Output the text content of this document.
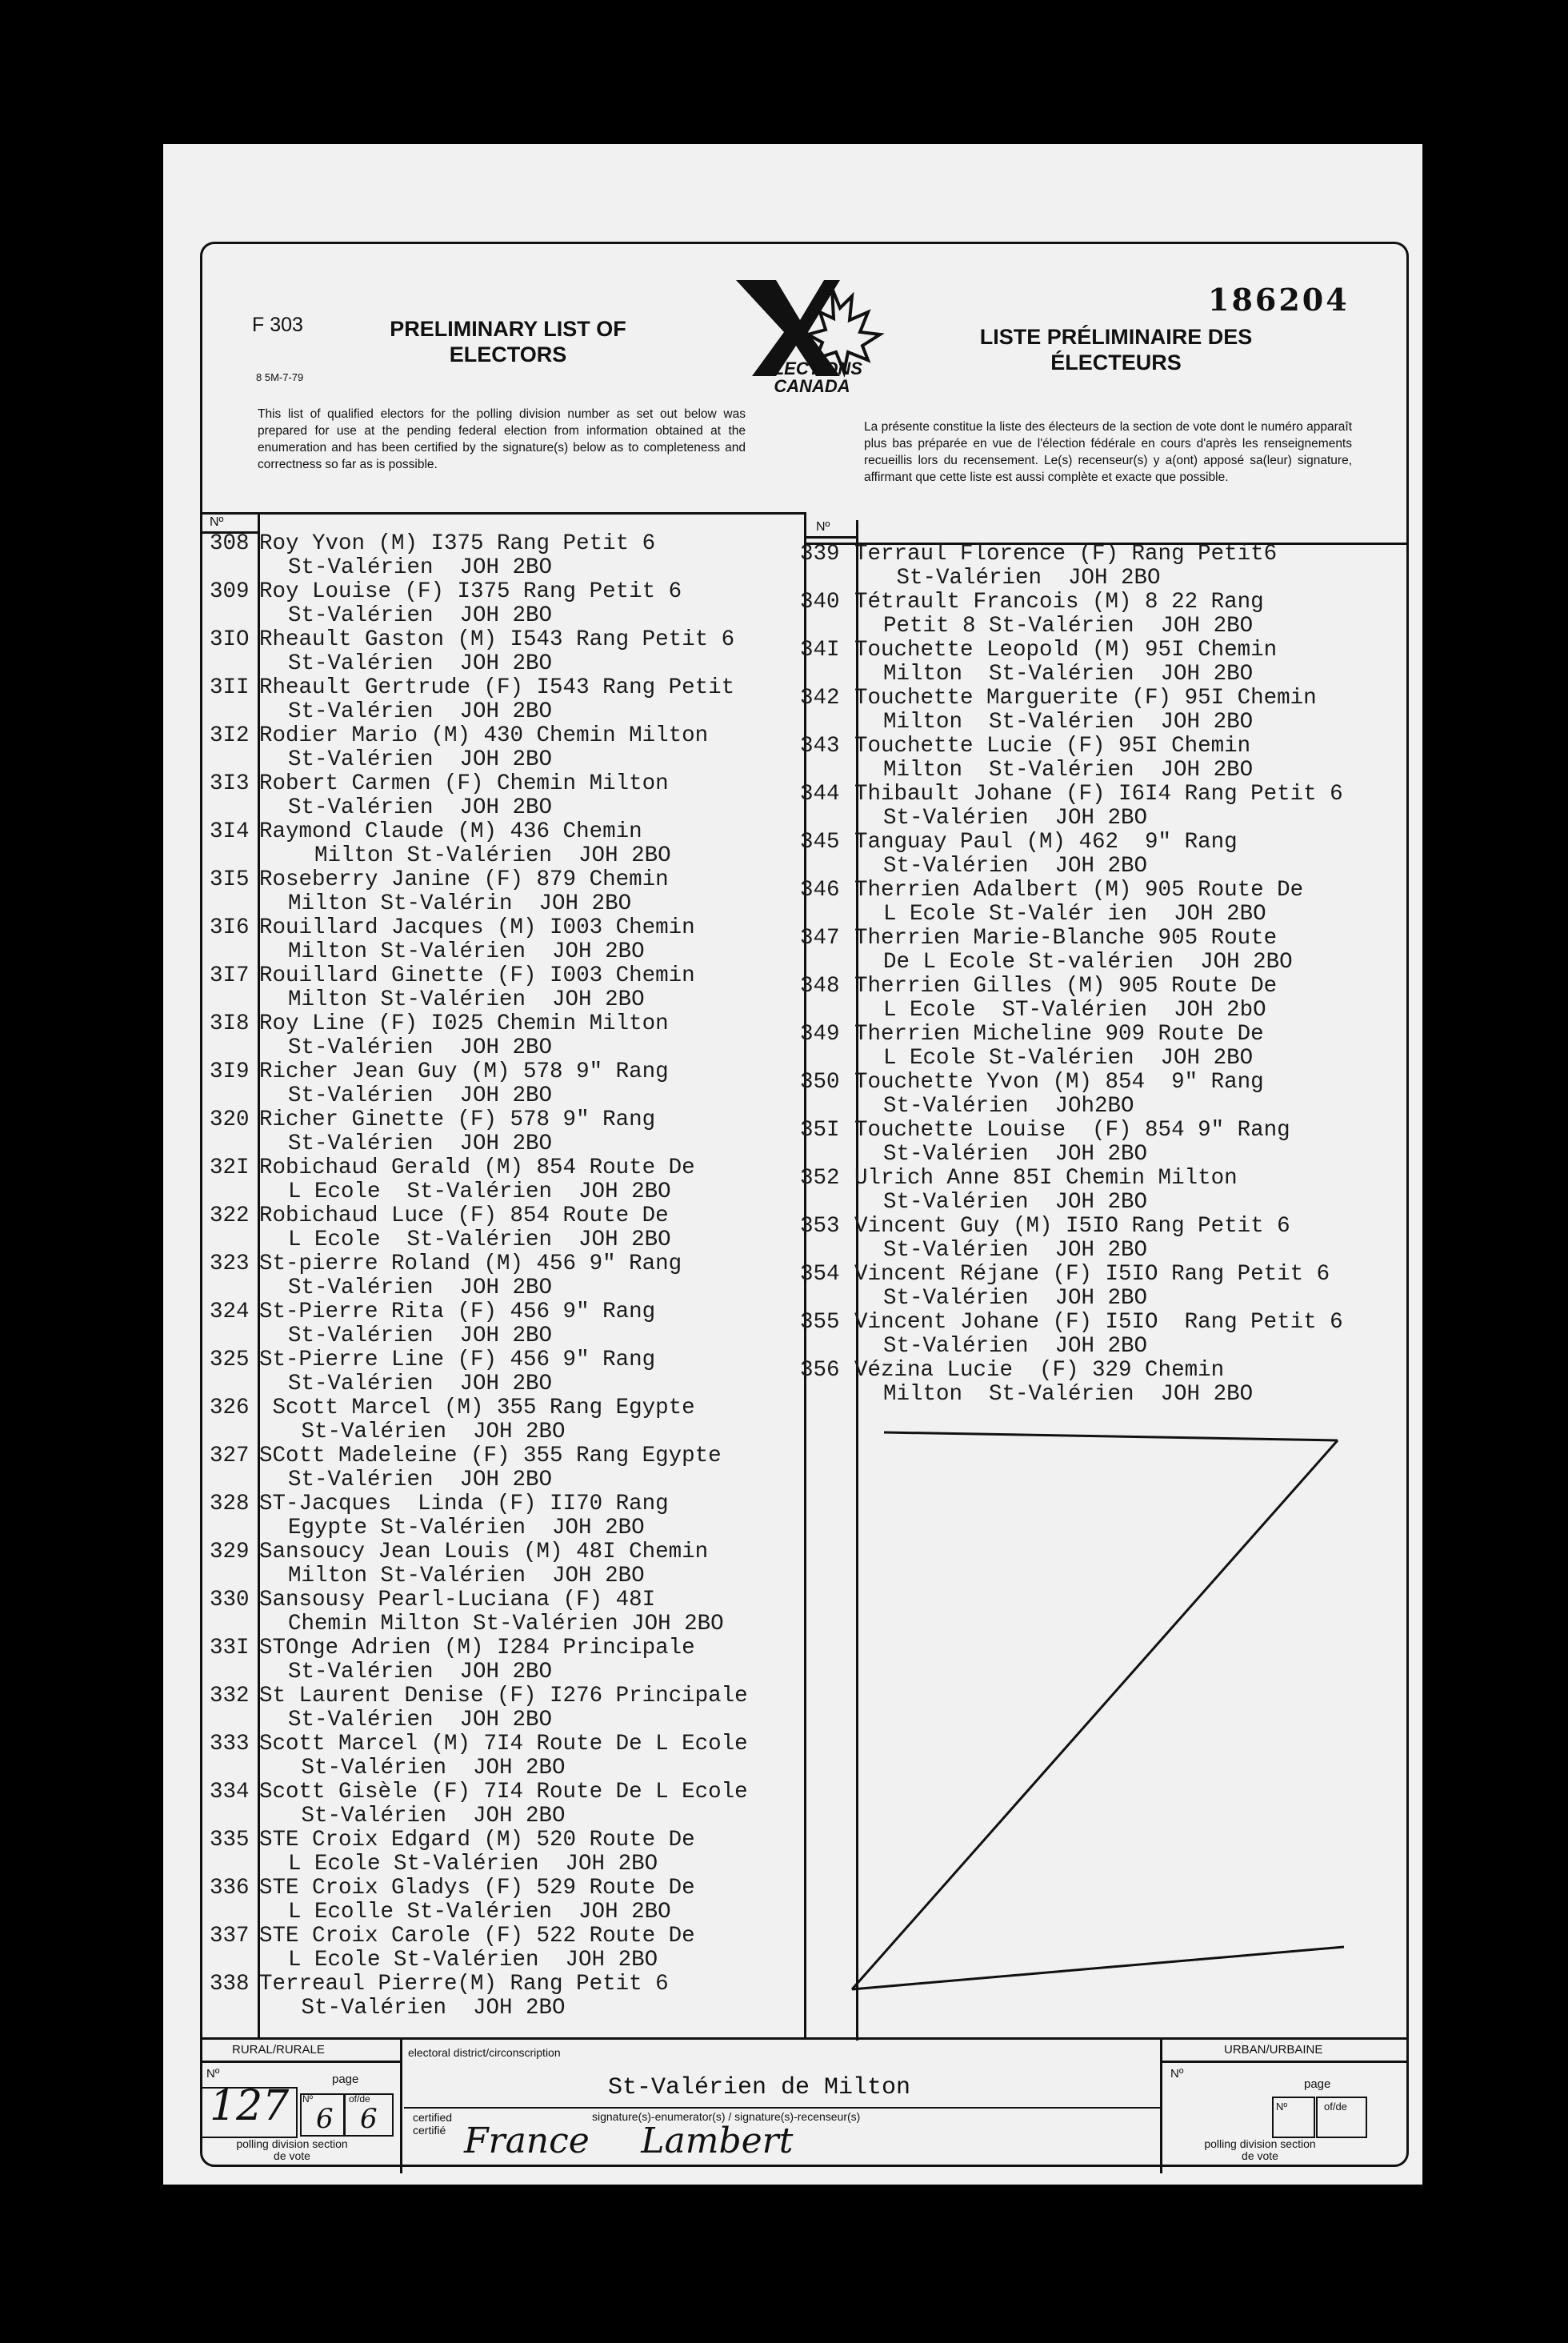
F 303
8 5M-7-79
PRELIMINARY LIST OF ELECTORS
ELECTIONS CANADA
LISTE PRÉLIMINAIRE DES ÉLECTEURS
186204
This list of qualified electors for the polling division number as set out below was prepared for use at the pending federal election from information obtained at the enumeration and has been certified by the signature(s) below as to completeness and correctness so far as is possible.
La présente constitue la liste des électeurs de la section de vote dont le numéro apparaît plus bas préparée en vue de l'élection fédérale en cours d'après les renseignements recueillis lors du recensement. Le(s) recenseur(s) y a(ont) apposé sa(leur) signature, affirmant que cette liste est aussi complète et exacte que possible.
Nº	Nº
308 Roy Yvon (M) I375 Rang Petit 6
St-Valérien  JOH 2BO
309 Roy Louise (F) I375 Rang Petit 6
St-Valérien  JOH 2BO
3IO Rheault Gaston (M) I543 Rang Petit 6
St-Valérien  JOH 2BO
3II Rheault Gertrude (F) I543 Rang Petit
St-Valérien  JOH 2BO
3I2 Rodier Mario (M) 430 Chemin Milton
St-Valérien  JOH 2BO
3I3 Robert Carmen (F) Chemin Milton
St-Valérien  JOH 2BO
3I4 Raymond Claude (M) 436 Chemin
Milton St-Valérien  JOH 2BO
3I5 Roseberry Janine (F) 879 Chemin
Milton St-Valérin  JOH 2BO
3I6 Rouillard Jacques (M) I003 Chemin
Milton St-Valérien  JOH 2BO
3I7 Rouillard Ginette (F) I003 Chemin
Milton St-Valérien  JOH 2BO
3I8 Roy Line (F) I025 Chemin Milton
St-Valérien  JOH 2BO
3I9 Richer Jean Guy (M) 578 9" Rang
St-Valérien  JOH 2BO
320 Richer Ginette (F) 578 9" Rang
St-Valérien  JOH 2BO
32I Robichaud Gerald (M) 854 Route De
L Ecole  St-Valérien  JOH 2BO
322 Robichaud Luce (F) 854 Route De
L Ecole  St-Valérien  JOH 2BO
323 St-pierre Roland (M) 456 9" Rang
St-Valérien  JOH 2BO
324 St-Pierre Rita (F) 456 9" Rang
St-Valérien  JOH 2BO
325 St-Pierre Line (F) 456 9" Rang
St-Valérien  JOH 2BO
326 Scott Marcel (M) 355 Rang Egypte
St-Valérien  JOH 2BO
327 SCott Madeleine (F) 355 Rang Egypte
St-Valérien  JOH 2BO
328 ST-Jacques  Linda (F) II70 Rang
Egypte St-Valérien  JOH 2BO
329 Sansoucy Jean Louis (M) 48I Chemin
Milton St-Valérien  JOH 2BO
330 Sansousy Pearl-Luciana (F) 48I
Chemin Milton St-Valérien JOH 2BO
33I STOnge Adrien (M) I284 Principale
St-Valérien  JOH 2BO
332 St Laurent Denise (F) I276 Principale
St-Valérien  JOH 2BO
333 Scott Marcel (M) 7I4 Route De L Ecole
St-Valérien  JOH 2BO
334 Scott Gisèle (F) 7I4 Route De L Ecole
St-Valérien  JOH 2BO
335 STE Croix Edgard (M) 520 Route De
L Ecole St-Valérien  JOH 2BO
336 STE Croix Gladys (F) 529 Route De
L Ecolle St-Valérien  JOH 2BO
337 STE Croix Carole (F) 522 Route De
L Ecole St-Valérien  JOH 2BO
338 Terreaul Pierre(M) Rang Petit 6
St-Valérien  JOH 2BO
339 Terraul Florence (F) Rang Petit6
St-Valérien  JOH 2BO
340 Tétrault Francois (M) 8 22 Rang
Petit 8 St-Valérien  JOH 2BO
34I Touchette Leopold (M) 95I Chemin
Milton  St-Valérien  JOH 2BO
342 Touchette Marguerite (F) 95I Chemin
Milton  St-Valérien  JOH 2BO
343 Touchette Lucie (F) 95I Chemin
Milton  St-Valérien  JOH 2BO
344 Thibault Johane (F) I6I4 Rang Petit 6
St-Valérien  JOH 2BO
345 Tanguay Paul (M) 462  9" Rang
St-Valérien  JOH 2BO
346 Therrien Adalbert (M) 905 Route De
L Ecole St-Valér ien  JOH 2BO
347 Therrien Marie-Blanche 905 Route
De L Ecole St-valérien  JOH 2BO
348 Therrien Gilles (M) 905 Route De
L Ecole  ST-Valérien  JOH 2bO
349 Therrien Micheline 909 Route De
L Ecole St-Valérien  JOH 2BO
350 Touchette Yvon (M) 854  9" Rang
St-Valérien  JOh2BO
35I Touchette Louise  (F) 854 9" Rang
St-Valérien  JOH 2BO
352 Ulrich Anne 85I Chemin Milton
St-Valérien  JOH 2BO
353 Vincent Guy (M) I5IO Rang Petit 6
St-Valérien  JOH 2BO
354 Vincent Réjane (F) I5IO Rang Petit 6
St-Valérien  JOH 2BO
355 Vincent Johane (F) I5IO  Rang Petit 6
St-Valérien  JOH 2BO
356 Vézina Lucie  (F) 329 Chemin
Milton  St-Valérien  JOH 2BO
RURAL/RURALE	URBAN/URBAINE
electoral district/circonscription
St-Valérien de Milton
signature(s)-enumerator(s) / signature(s)-recenseur(s)
Nº	page
127 Nº	of/de
6 6
polling division section de vote
certified certifié France Lambert
Nº
page
Nº	of/de
polling division section de vote
